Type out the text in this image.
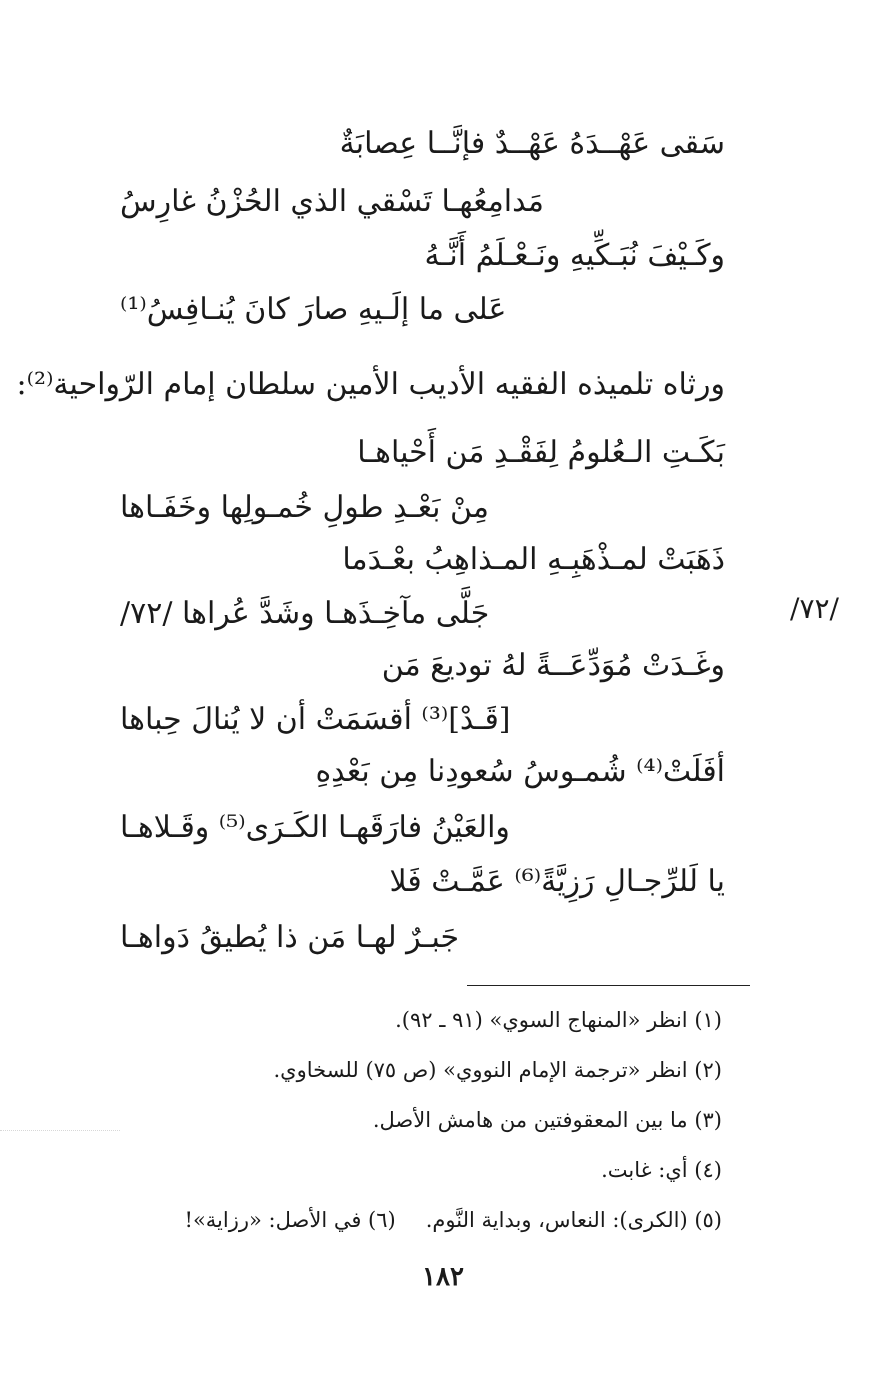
سَقى عَهْــدَهُ عَهْــدٌ فإنَّــا عِصابَةٌ
مَدامِعُهـا تَسْقي الذي الحُزْنُ غارِسُ
وكَـيْفَ نُبَـكِّيهِ ونَـعْـلَمُ أَنَّـهُ
عَلى ما إلَـيهِ صارَ كانَ يُنـافِسُ⁽¹⁾
ورثاه تلميذه الفقيه الأديب الأمين سلطان إمام الرّواحية⁽²⁾:
بَكَـتِ الـعُلومُ لِفَقْـدِ مَن أَحْياهـا
مِنْ بَعْـدِ طولِ خُمـولِها وخَفَـاها
ذَهَبَتْ لمـذْهَبِـهِ المـذاهِبُ بعْـدَما
جَلَّى مآخِـذَهـا وشَدَّ عُراها /٧٢/
وغَـدَتْ مُوَدِّعَــةً لهُ توديعَ مَن
[قَـدْ]⁽³⁾ أقسَمَتْ أن لا يُنالَ حِباها
أفَلَتْ⁽⁴⁾ شُمـوسُ سُعودِنا مِن بَعْدِهِ
والعَيْنُ فارَقَهـا الكَـرَى⁽⁵⁾ وقَـلاهـا
يا لَلرِّجـالِ رَزِيَّةً⁽⁶⁾ عَمَّـتْ فَلا
جَبـرٌ لهـا مَن ذا يُطيقُ دَواهـا
/٧٢/
(١) انظر «المنهاج السوي» (٩١ ـ ٩٢).
(٢) انظر «ترجمة الإمام النووي» (ص ٧٥) للسخاوي.
(٣) ما بين المعقوفتين من هامش الأصل.
(٤) أي: غابت.
(٥) (الكرى): النعاس، وبداية النَّوم.(٦) في الأصل: «رزاية»!
١٨٢
